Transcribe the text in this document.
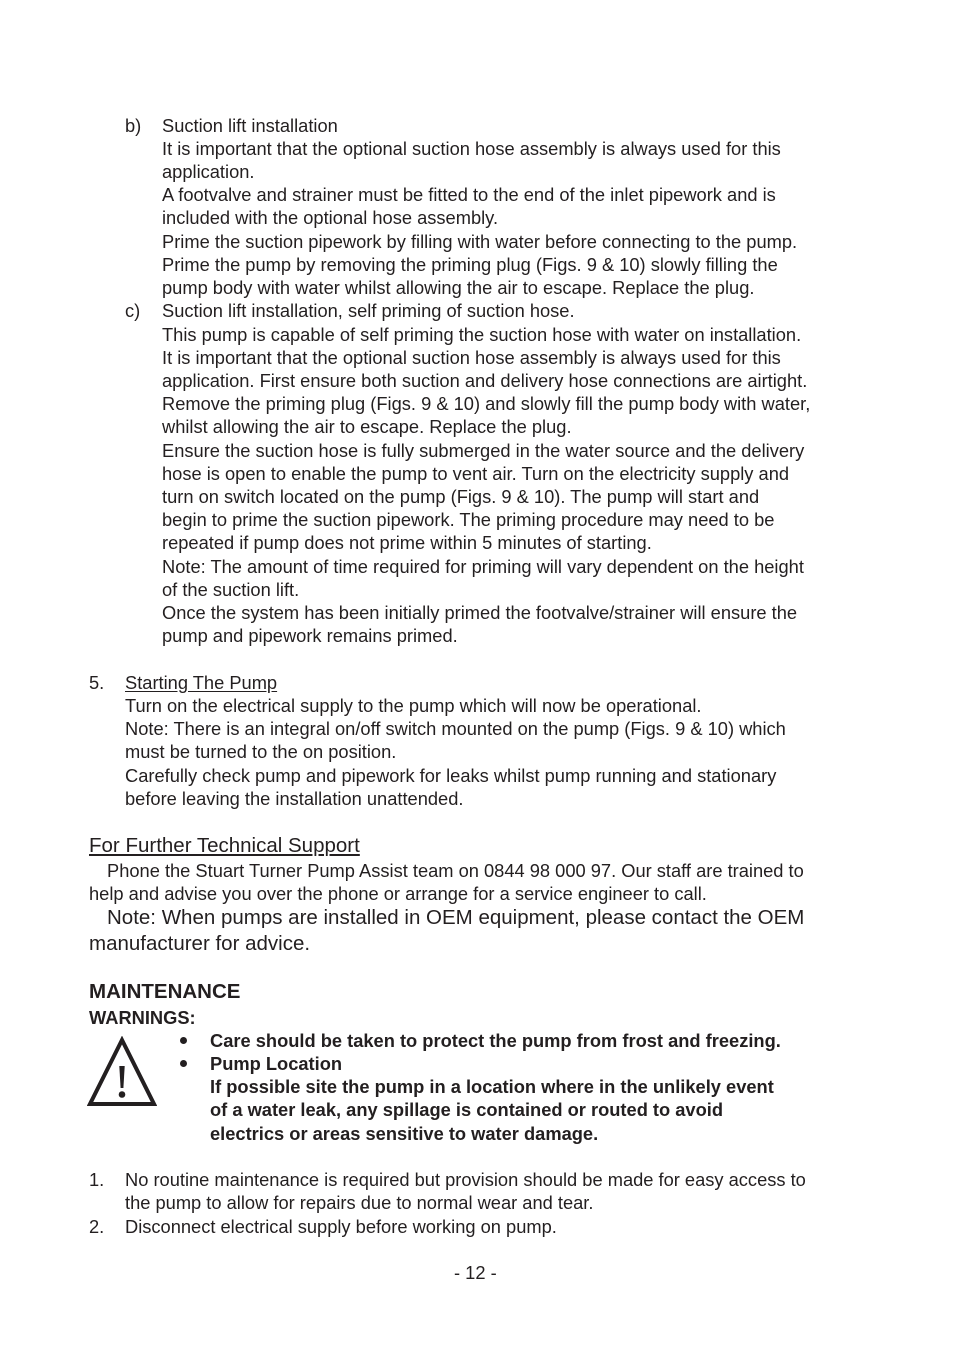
b) Suction lift installation
It is important that the optional suction hose assembly is always used for this
application.
A footvalve and strainer must be fitted to the end of the inlet pipework and is
included with the optional hose assembly.
Prime the suction pipework by filling with water before connecting to the pump.
Prime the pump by removing the priming plug (Figs. 9 & 10) slowly filling the
pump body with water whilst allowing the air to escape. Replace the plug.
c) Suction lift installation, self priming of suction hose.
This pump is capable of self priming the suction hose with water on installation.
It is important that the optional suction hose assembly is always used for this
application. First ensure both suction and delivery hose connections are airtight.
Remove the priming plug (Figs. 9 & 10) and slowly fill the pump body with water,
whilst allowing the air to escape. Replace the plug.
Ensure the suction hose is fully submerged in the water source and the delivery
hose is open to enable the pump to vent air. Turn on the electricity supply and
turn on switch located on the pump (Figs. 9 & 10). The pump will start and
begin to prime the suction pipework. The priming procedure may need to be
repeated if pump does not prime within 5 minutes of starting.
Note: The amount of time required for priming will vary dependent on the height
of the suction lift.
Once the system has been initially primed the footvalve/strainer will ensure the
pump and pipework remains primed.
5. Starting The Pump
Turn on the electrical supply to the pump which will now be operational.
Note: There is an integral on/off switch mounted on the pump (Figs. 9 & 10) which
must be turned to the on position.
Carefully check pump and pipework for leaks whilst pump running and stationary
before leaving the installation unattended.
For Further Technical Support
Phone the Stuart Turner Pump Assist team on 0844 98 000 97. Our staff are trained to
help and advise you over the phone or arrange for a service engineer to call.
Note: When pumps are installed in OEM equipment, please contact the OEM
manufacturer for advice.
MAINTENANCE
WARNINGS:
Care should be taken to protect the pump from frost and freezing.
Pump Location
If possible site the pump in a location where in the unlikely event
of a water leak, any spillage is contained or routed to avoid
electrics or areas sensitive to water damage.
1. No routine maintenance is required but provision should be made for easy access to
the pump to allow for repairs due to normal wear and tear.
2. Disconnect electrical supply before working on pump.
- 12 -
